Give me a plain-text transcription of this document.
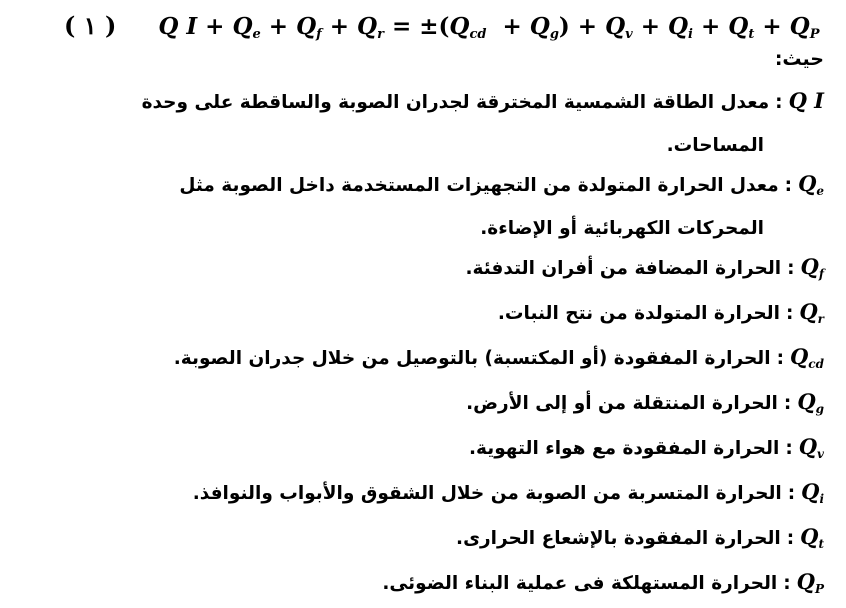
( ١ ) Q $I + Q_e + Q_f + Q_r = \pm(Q_{cd} + Q_g) + Q_v + Q_i + Q_t + Q_P$
حيث:
Q I:معدل الطاقة الشمسية المخترقة لجدران الصوبة والساقطة على وحدة
المساحات.
$Q_e:معدل$ الحرارة المتولدة من التجهيزات المستخدمة داخل الصوبة مثل
المحركات الكهربائية أو الإضاءة.
$Q_f:الحرارة$ المضافة من أفران التدفئة.
$Q_r:الحرارة$ المتولدة من نتح النبات.
$Q_{cd}:الحرارة$ المفقودة (أو المكتسبة) بالتوصيل من خلال جدران الصوبة.
$Q_g:الحرارة$ المنتقلة من أو إلى الأرض.
$Q_v:الحرارة$ المفقودة مع هواء التهوية.
$Q_i:الحرارة$ المتسربة من الصوبة من خلال الشقوق والأبواب والنوافذ.
$Q_t:الحرارة$ المفقودة بالإشعاع الحرارى.
$Q_P:الحرارة$ المستهلكة فى عملية البناء الضوئى.
